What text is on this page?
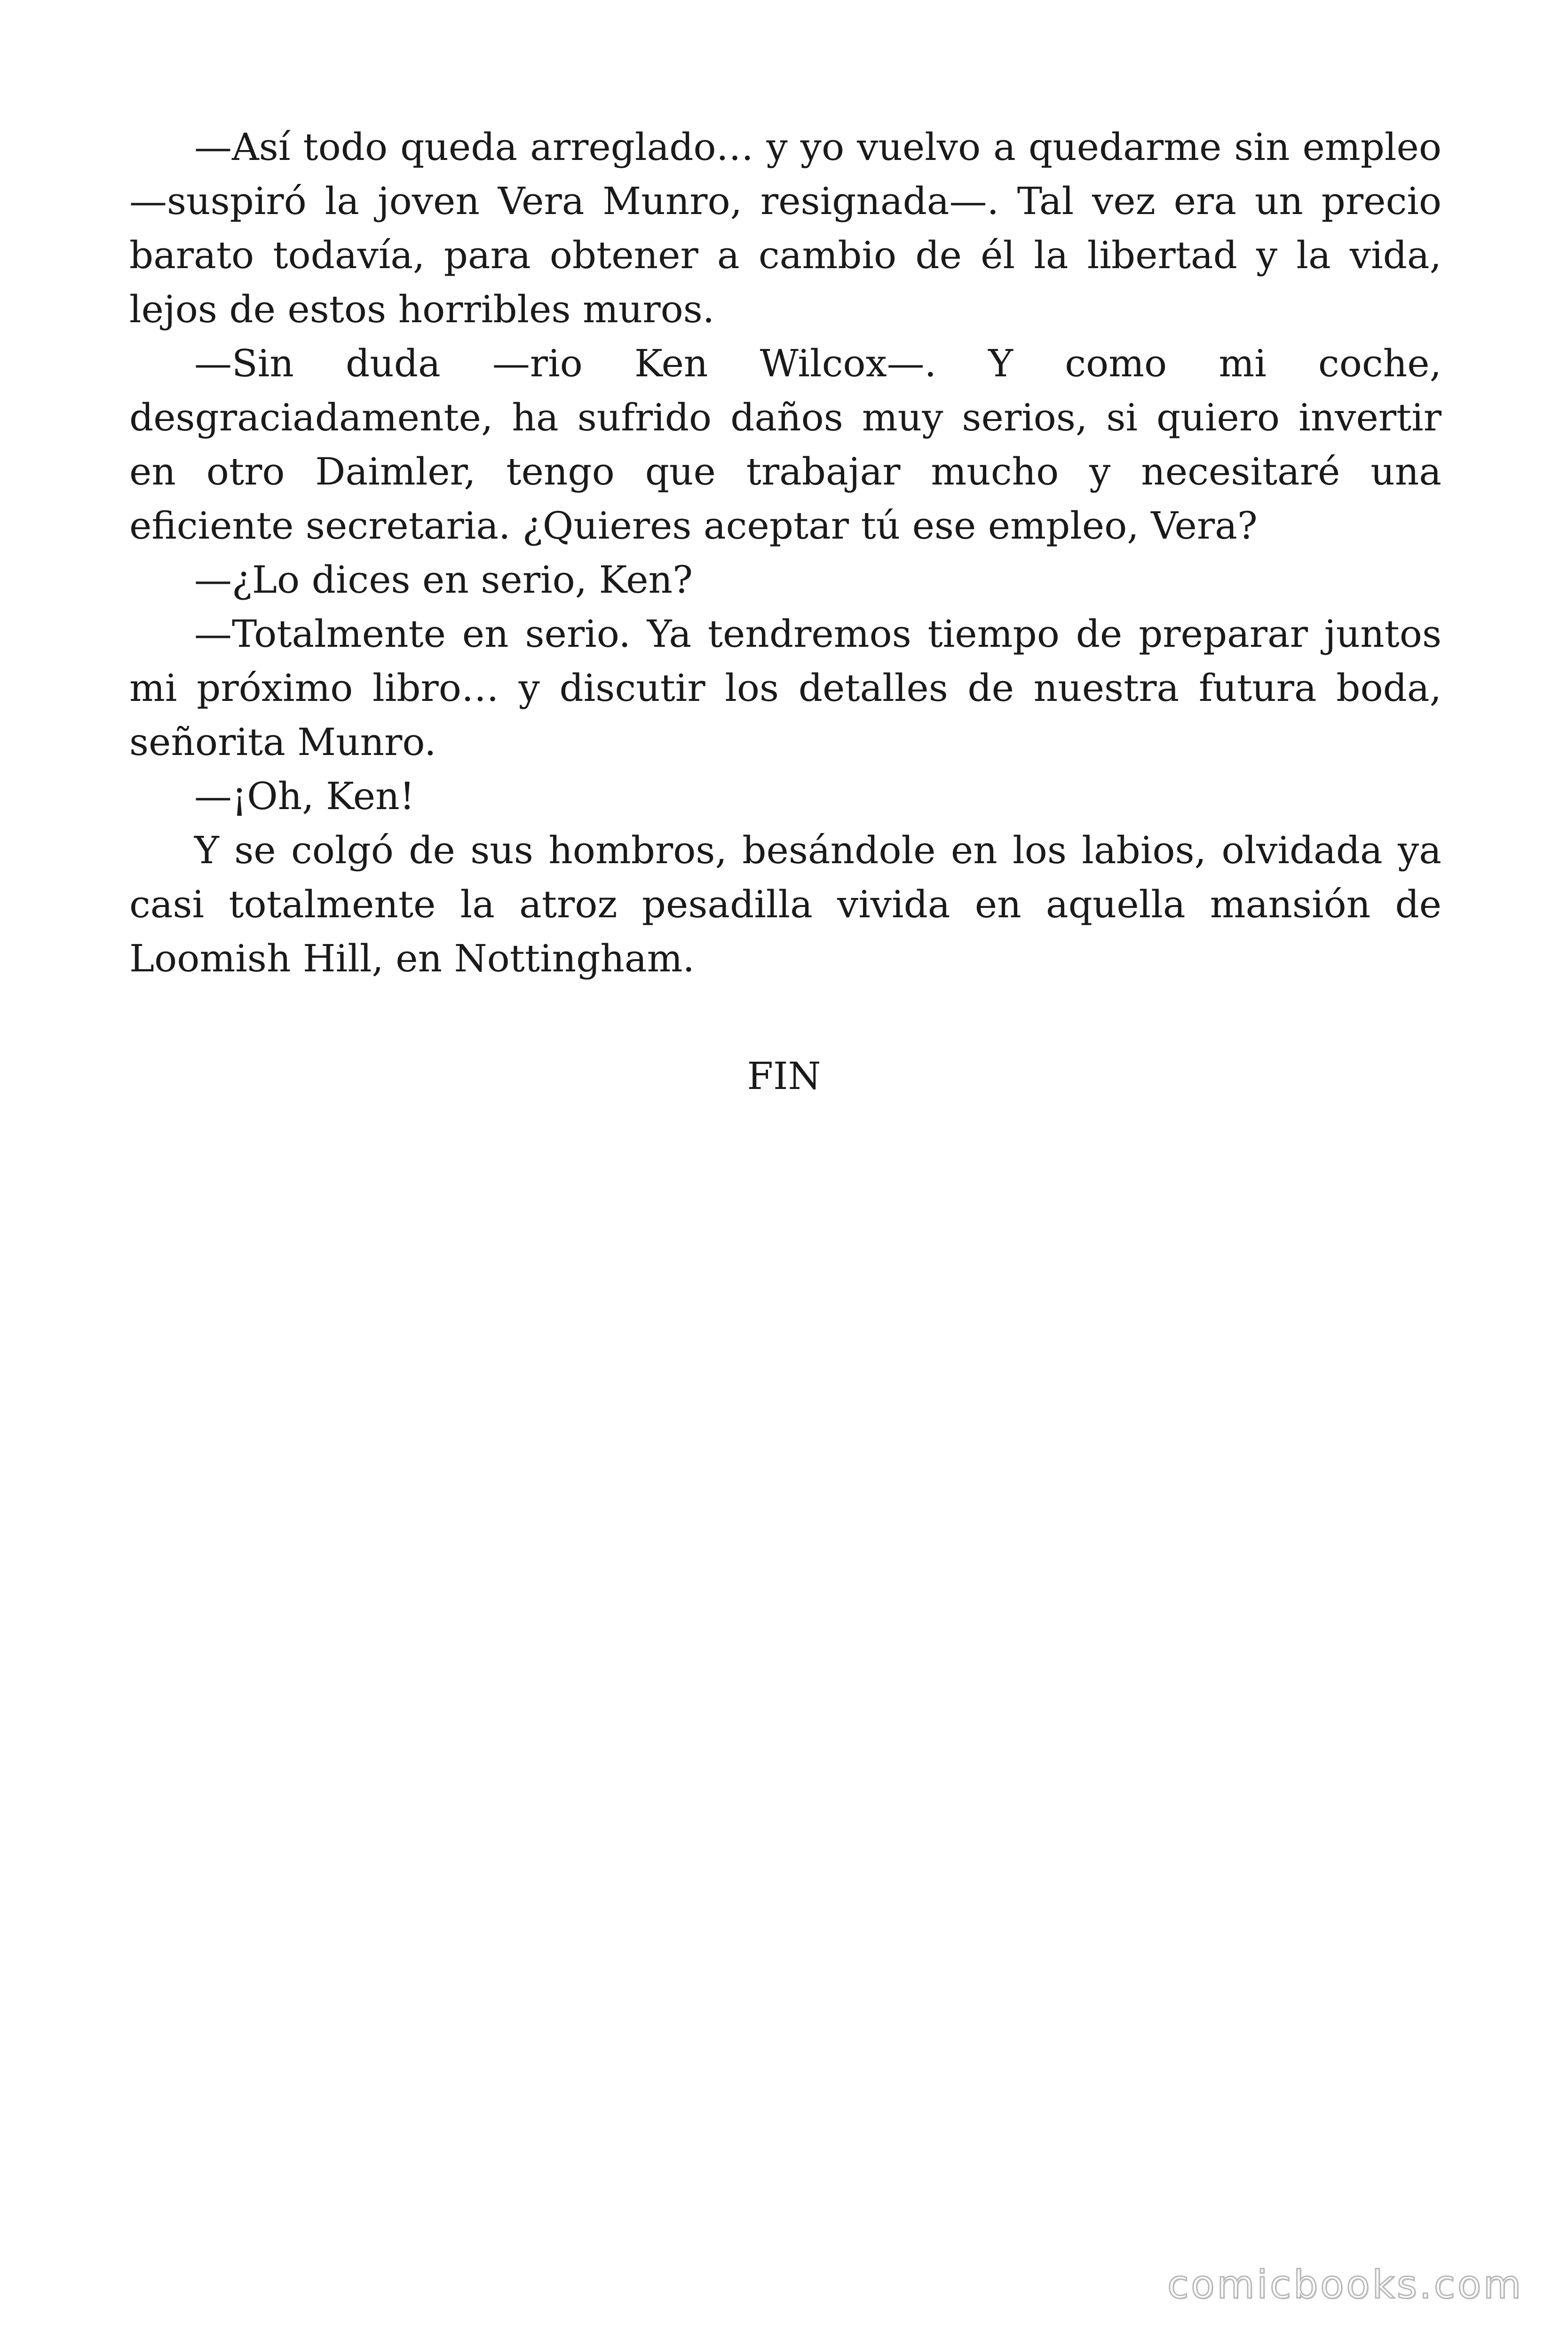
—Así todo queda arreglado… y yo vuelvo a quedarme sin empleo —suspiró la joven Vera Munro, resignada—. Tal vez era un precio barato todavía, para obtener a cambio de él la libertad y la vida, lejos de estos horribles muros.

—Sin duda —rio Ken Wilcox—. Y como mi coche, desgraciadamente, ha sufrido daños muy serios, si quiero invertir en otro Daimler, tengo que trabajar mucho y necesitaré una eficiente secretaria. ¿Quieres aceptar tú ese empleo, Vera?

—¿Lo dices en serio, Ken?

—Totalmente en serio. Ya tendremos tiempo de preparar juntos mi próximo libro… y discutir los detalles de nuestra futura boda, señorita Munro.

—¡Oh, Ken!

Y se colgó de sus hombros, besándole en los labios, olvidada ya casi totalmente la atroz pesadilla vivida en aquella mansión de Loomish Hill, en Nottingham.

FIN

comicbooks.com
